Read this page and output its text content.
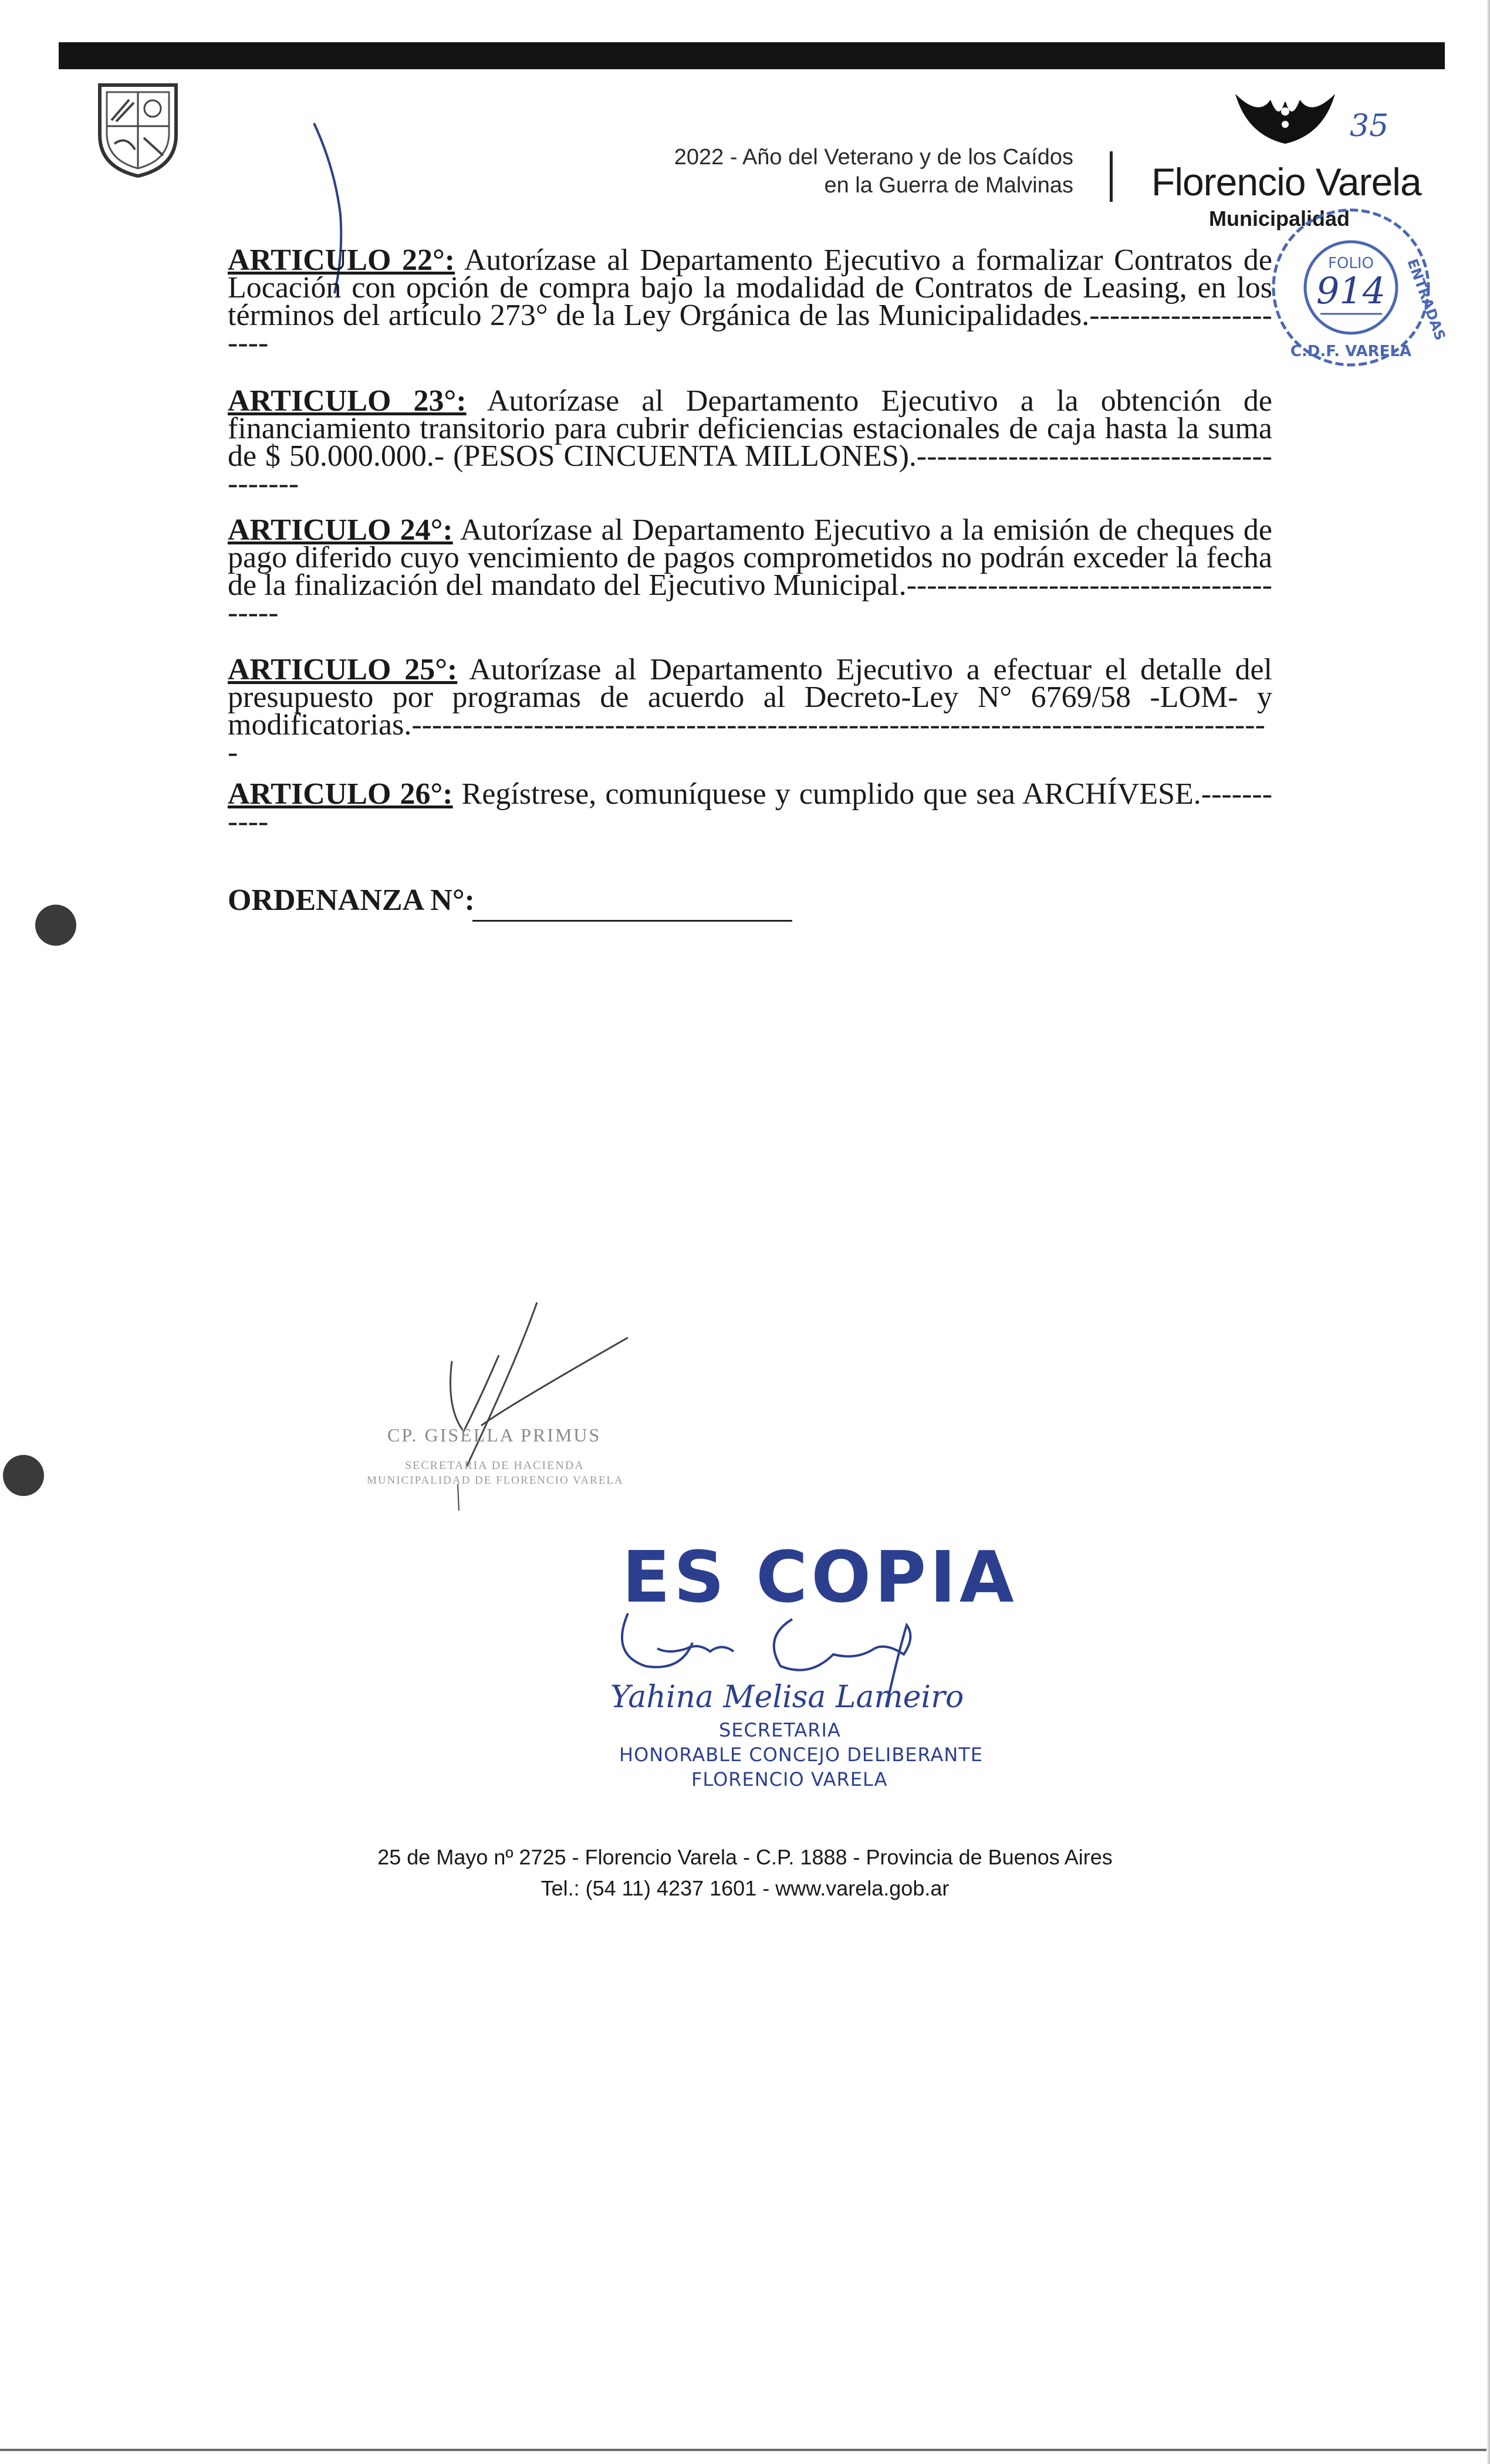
2022 - Año del Veterano y de los Caídos
en la Guerra de Malvinas
35
Florencio Varela
Municipalidad
FOLIO
914 ENTRADAS
C.D.F. VARELA
ARTICULO 22°: Autorízase al Departamento Ejecutivo a formalizar Contratos de Locación con opción de compra bajo la modalidad de Contratos de Leasing, en los términos del artículo 273° de la Ley Orgánica de las Municipalidades.----------------------
ARTICULO 23°: Autorízase al Departamento Ejecutivo a la obtención de financiamiento transitorio para cubrir deficiencias estacionales de caja hasta la suma de $ 50.000.000.- (PESOS CINCUENTA MILLONES).------------------------------------------
ARTICULO 24°: Autorízase al Departamento Ejecutivo a la emisión de cheques de pago diferido cuyo vencimiento de pagos comprometidos no podrán exceder la fecha de la finalización del mandato del Ejecutivo Municipal.-----------------------------------------
ARTICULO 25°: Autorízase al Departamento Ejecutivo a efectuar el detalle del presupuesto por programas de acuerdo al Decreto-Ley N° 6769/58 -LOM- y modificatorias.-------------------------------------------------------------------------------------
ARTICULO 26°: Regístrese, comuníquese y cumplido que sea ARCHÍVESE.-----------
ORDENANZA N°:
CP. GISELLA PRIMUS
SECRETARIA DE HACIENDA
MUNICIPALIDAD DE FLORENCIO VARELA
ES COPIA
Yahina Melisa Lameiro
SECRETARIA
HONORABLE CONCEJO DELIBERANTE
FLORENCIO VARELA
25 de Mayo nº 2725 - Florencio Varela - C.P. 1888 - Provincia de Buenos Aires
Tel.: (54 11) 4237 1601 - www.varela.gob.ar
